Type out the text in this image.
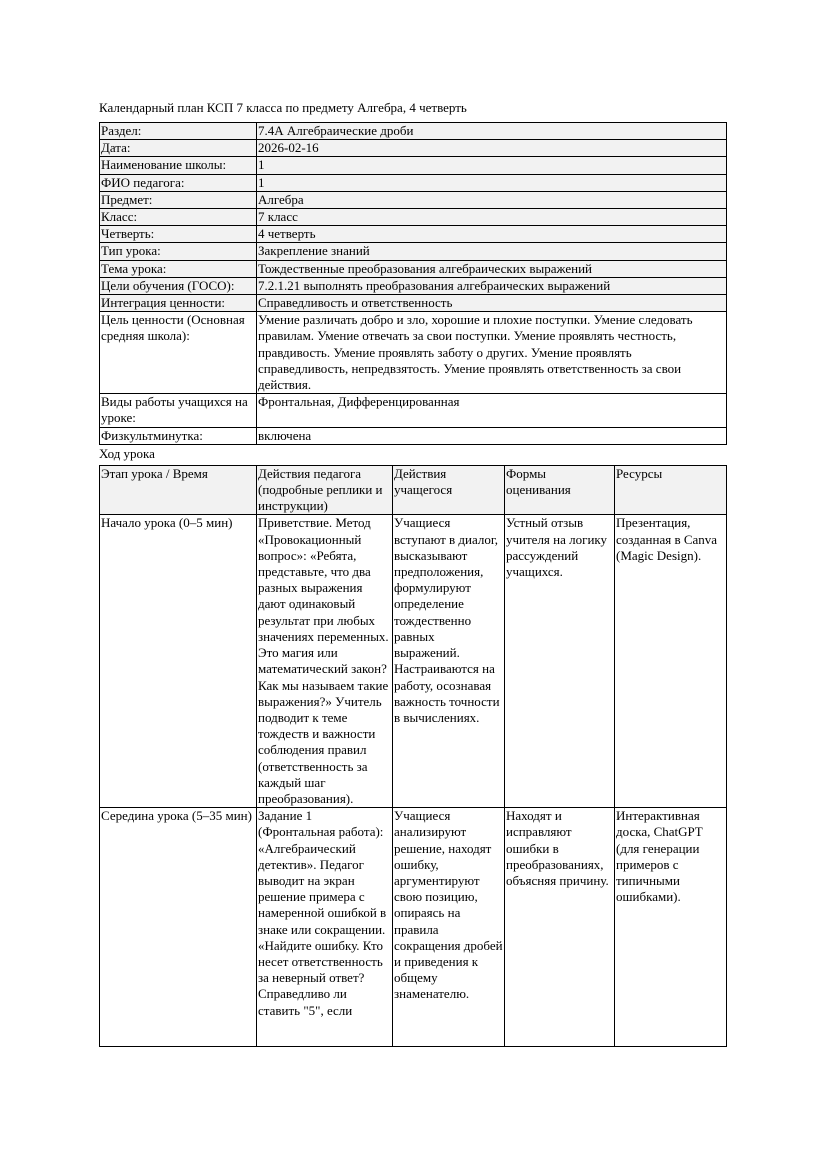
Календарный план КСП 7 класса по предмету Алгебра, 4 четверть
Раздел:	7.4А Алгебраические дроби
Дата:	2026-02-16
Наименование школы:	1
ФИО педагога:	1
Предмет:	Алгебра
Класс:	7 класс
Четверть:	4 четверть
Тип урока:	Закрепление знаний
Тема урока:	Тождественные преобразования алгебраических выражений
Цели обучения (ГОСО):	7.2.1.21 выполнять преобразования алгебраических выражений
Интеграция ценности:	Справедливость и ответственность
Цель ценности (Основная средняя школа):	Умение различать добро и зло, хорошие и плохие поступки. Умение следовать правилам. Умение отвечать за свои поступки. Умение проявлять честность, правдивость. Умение проявлять заботу о других. Умение проявлять справедливость, непредвзятость. Умение проявлять ответственность за свои действия.
Виды работы учащихся на уроке:	Фронтальная, Дифференцированная
Физкультминутка:	включена
Ход урока
Этап урока / Время	Действия педагога (подробные реплики и инструкции)	Действия учащегося	Формы оценивания	Ресурсы
Начало урока (0–5 мин)	Приветствие. Метод «Провокационный вопрос»: «Ребята, представьте, что два разных выражения дают одинаковый результат при любых значениях переменных. Это магия или математический закон? Как мы называем такие выражения?» Учитель подводит к теме тождеств и важности соблюдения правил (ответственность за каждый шаг преобразования).	Учащиеся вступают в диалог, высказывают предположения, формулируют определение тождественно равных выражений. Настраиваются на работу, осознавая важность точности в вычислениях.	Устный отзыв учителя на логику рассуждений учащихся.	Презентация, созданная в Canva (Magic Design).

Середина урока (5–35 мин)	Задание 1 (Фронтальная работа): «Алгебраический детектив». Педагог выводит на экран решение примера с намеренной ошибкой в знаке или сокращении. «Найдите ошибку. Кто несет ответственность за неверный ответ? Справедливо ли ставить "5", если	Учащиеся анализируют решение, находят ошибку, аргументируют свою позицию, опираясь на правила сокращения дробей и приведения к общему знаменателю.	Находят и исправляют ошибки в преобразованиях, объясняя причину.	Интерактивная доска, ChatGPT (для генерации примеров с типичными ошибками).
